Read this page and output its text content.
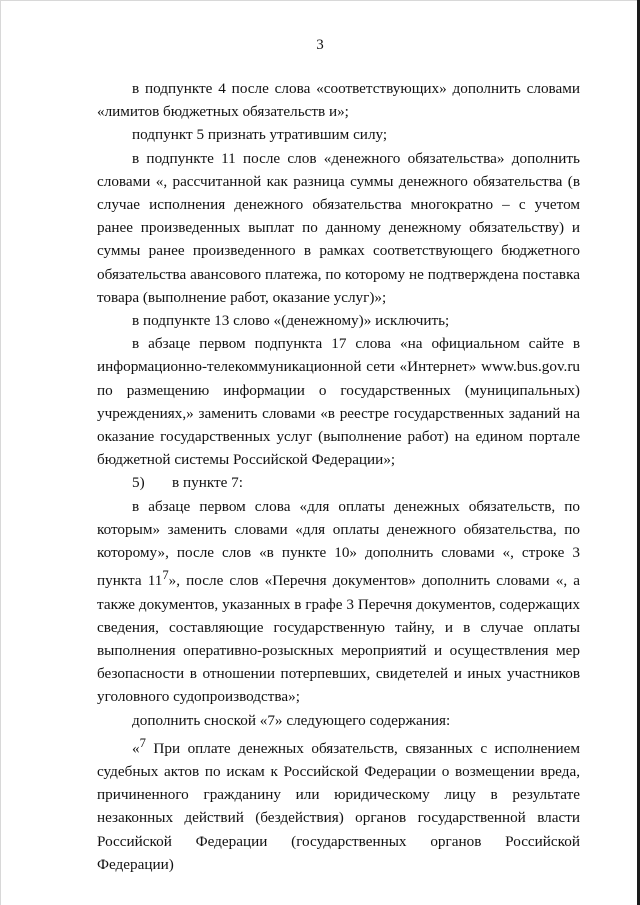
3

в подпункте 4 после слова «соответствующих» дополнить словами «лимитов бюджетных обязательств и»;

подпункт 5 признать утратившим силу;

в подпункте 11 после слов «денежного обязательства» дополнить словами «, рассчитанной как разница суммы денежного обязательства (в случае исполнения денежного обязательства многократно – с учетом ранее произведенных выплат по данному денежному обязательству) и суммы ранее произведенного в рамках соответствующего бюджетного обязательства авансового платежа, по которому не подтверждена поставка товара (выполнение работ, оказание услуг)»;

в подпункте 13 слово «(денежному)» исключить;

в абзаце первом подпункта 17 слова «на официальном сайте в информационно-телекоммуникационной сети «Интернет» www.bus.gov.ru по размещению информации о государственных (муниципальных) учреждениях,» заменить словами «в реестре государственных заданий на оказание государственных услуг (выполнение работ) на едином портале бюджетной системы Российской Федерации»;

5) в пункте 7:

в абзаце первом слова «для оплаты денежных обязательств, по которым» заменить словами «для оплаты денежного обязательства, по которому», после слов «в пункте 10» дополнить словами «, строке 3 пункта $11^7$», после слов «Перечня документов» дополнить словами «, а также документов, указанных в графе 3 Перечня документов, содержащих сведения, составляющие государственную тайну, и в случае оплаты выполнения оперативно-розыскных мероприятий и осуществления мер безопасности в отношении потерпевших, свидетелей и иных участников уголовного судопроизводства»;

дополнить сноской «7» следующего содержания:

«$^7$ При оплате денежных обязательств, связанных с исполнением судебных актов по искам к Российской Федерации о возмещении вреда, причиненного гражданину или юридическому лицу в результате незаконных действий (бездействия) органов государственной власти Российской Федерации (государственных органов Российской Федерации)
